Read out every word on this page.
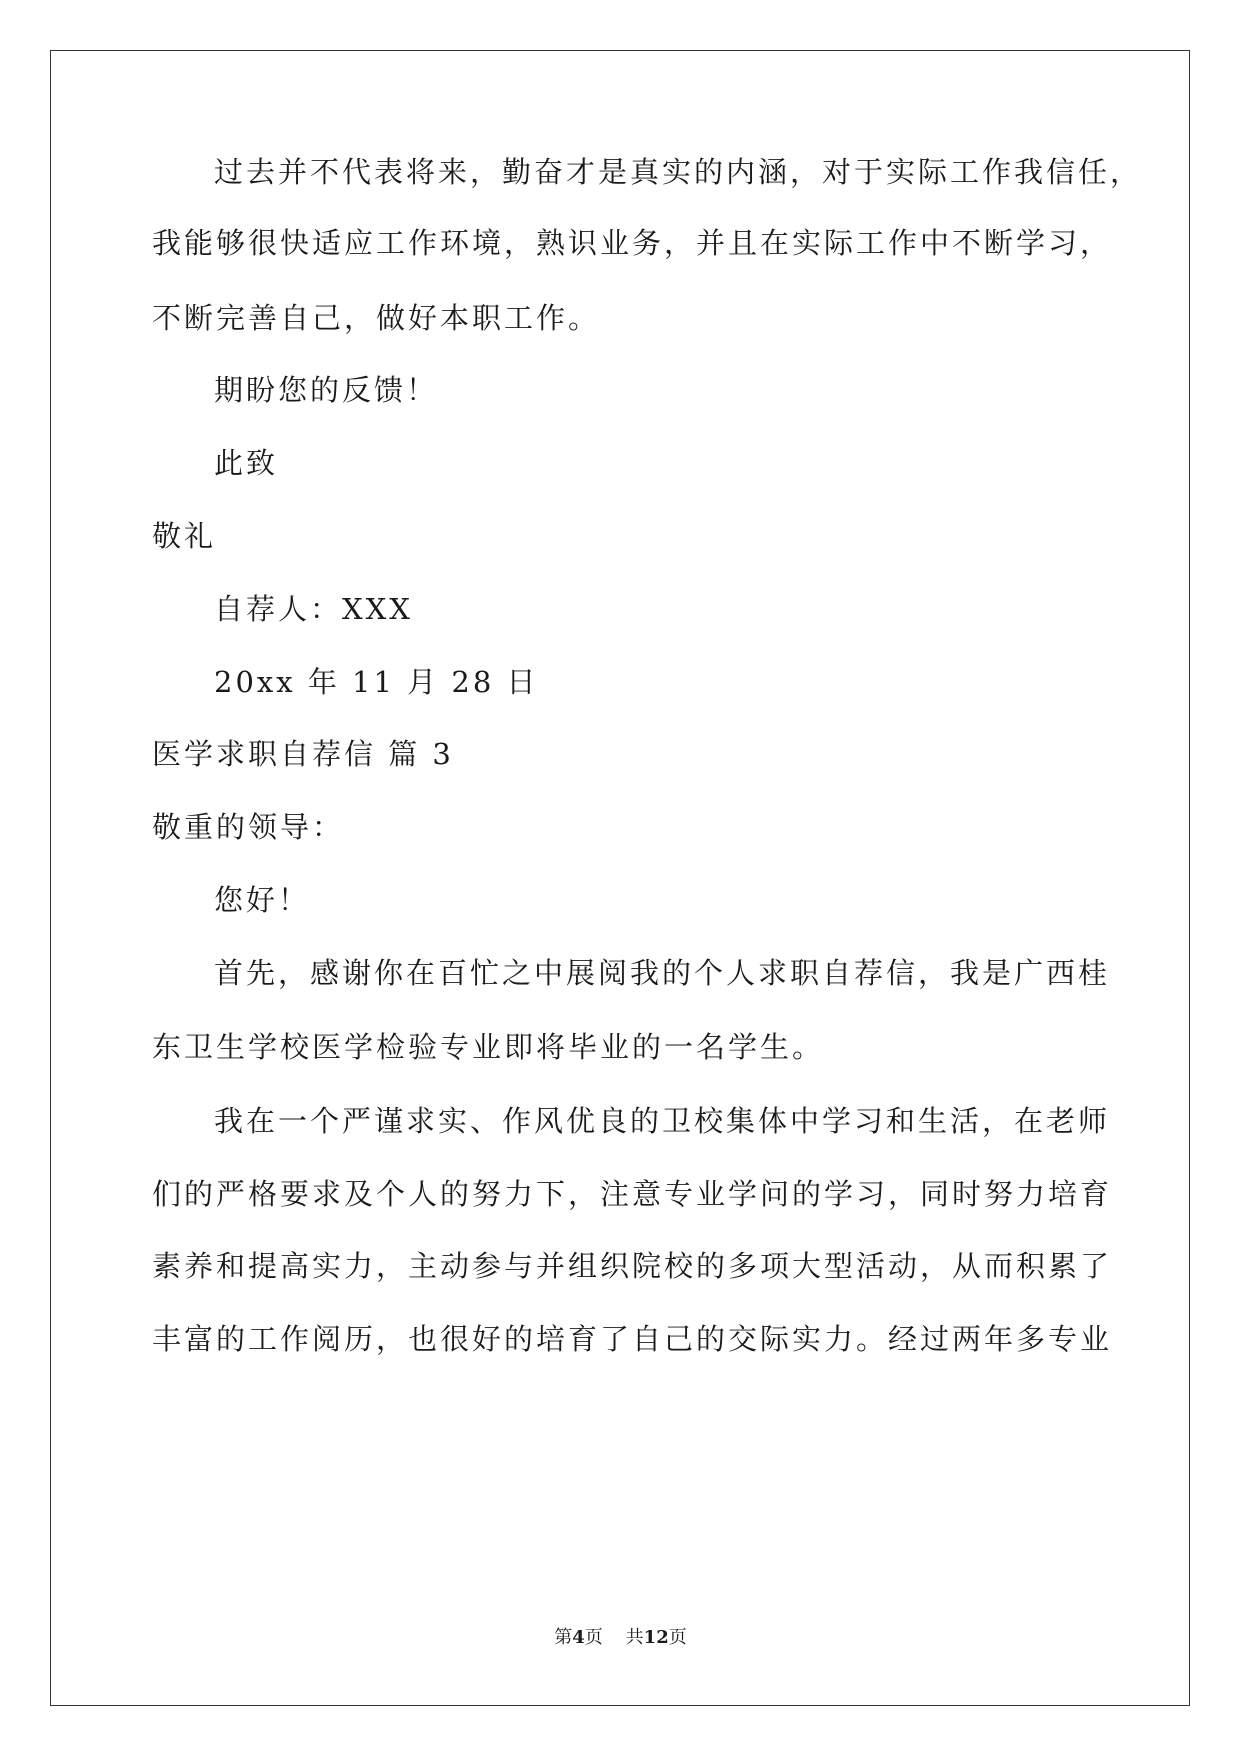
过去并不代表将来，勤奋才是真实的内涵，对于实际工作我信任，
我能够很快适应工作环境，熟识业务，并且在实际工作中不断学习，
不断完善自己，做好本职工作。
期盼您的反馈！
此致
敬礼
自荐人：XXX
20xx 年 11 月 28 日
医学求职自荐信 篇 3
敬重的领导：
您好！
首先，感谢你在百忙之中展阅我的个人求职自荐信，我是广西桂
东卫生学校医学检验专业即将毕业的一名学生。
我在一个严谨求实、作风优良的卫校集体中学习和生活，在老师
们的严格要求及个人的努力下，注意专业学问的学习，同时努力培育
素养和提高实力，主动参与并组织院校的多项大型活动，从而积累了
丰富的工作阅历，也很好的培育了自己的交际实力。经过两年多专业
第4页 共12页
